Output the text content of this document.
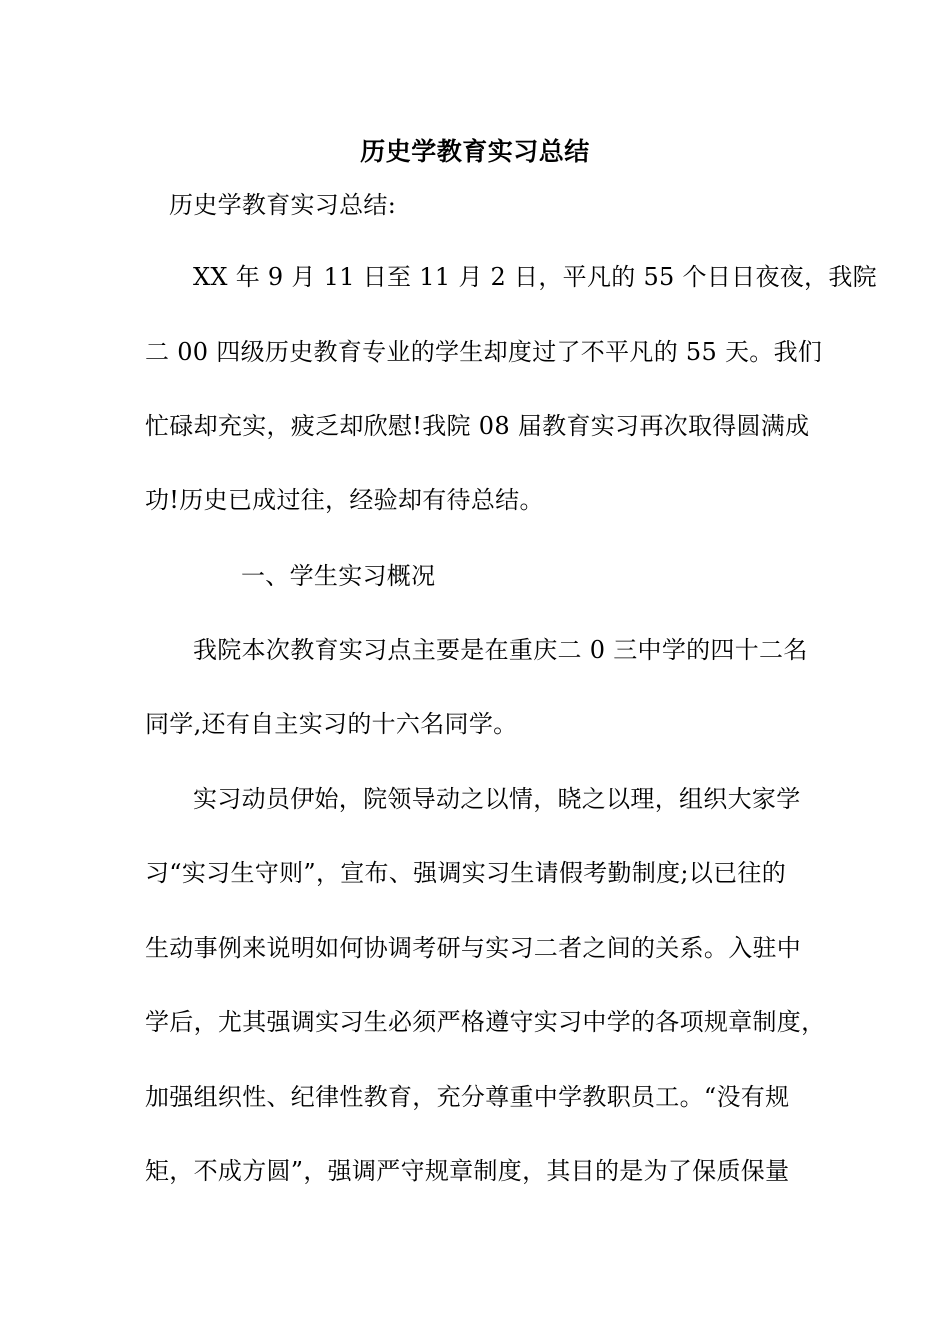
历史学教育实习总结
历史学教育实习总结:
XX 年 9 月 11 日至 11 月 2 日，平凡的 55 个日日夜夜，我院
二 00 四级历史教育专业的学生却度过了不平凡的 55 天。我们
忙碌却充实，疲乏却欣慰!我院 08 届教育实习再次取得圆满成
功!历史已成过往，经验却有待总结。
一、学生实习概况
我院本次教育实习点主要是在重庆二 0 三中学的四十二名
同学,还有自主实习的十六名同学。
实习动员伊始，院领导动之以情，晓之以理，组织大家学
习“实习生守则”，宣布、强调实习生请假考勤制度;以已往的
生动事例来说明如何协调考研与实习二者之间的关系。入驻中
学后，尤其强调实习生必须严格遵守实习中学的各项规章制度，
加强组织性、纪律性教育，充分尊重中学教职员工。“没有规
矩，不成方圆”，强调严守规章制度，其目的是为了保质保量
